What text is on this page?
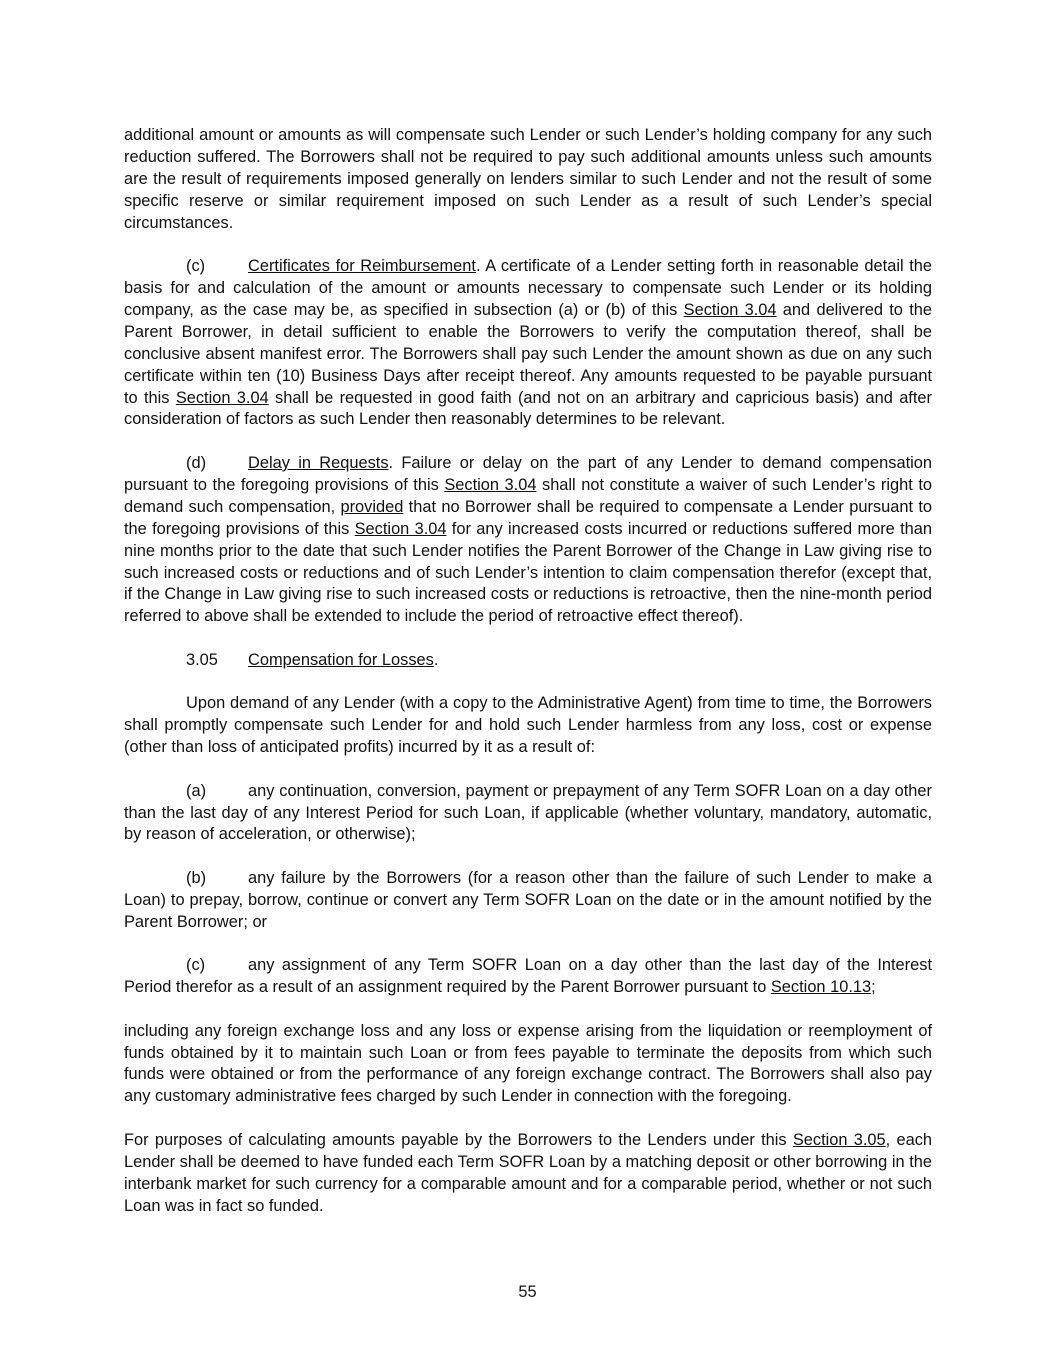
additional amount or amounts as will compensate such Lender or such Lender’s holding company for any such reduction suffered. The Borrowers shall not be required to pay such additional amounts unless such amounts are the result of requirements imposed generally on lenders similar to such Lender and not the result of some specific reserve or similar requirement imposed on such Lender as a result of such Lender’s special circumstances.

(c)	Certificates for Reimbursement. A certificate of a Lender setting forth in reasonable detail the basis for and calculation of the amount or amounts necessary to compensate such Lender or its holding company, as the case may be, as specified in subsection (a) or (b) of this Section 3.04 and delivered to the Parent Borrower, in detail sufficient to enable the Borrowers to verify the computation thereof, shall be conclusive absent manifest error. The Borrowers shall pay such Lender the amount shown as due on any such certificate within ten (10) Business Days after receipt thereof. Any amounts requested to be payable pursuant to this Section 3.04 shall be requested in good faith (and not on an arbitrary and capricious basis) and after consideration of factors as such Lender then reasonably determines to be relevant.

(d)	Delay in Requests. Failure or delay on the part of any Lender to demand compensation pursuant to the foregoing provisions of this Section 3.04 shall not constitute a waiver of such Lender’s right to demand such compensation, provided that no Borrower shall be required to compensate a Lender pursuant to the foregoing provisions of this Section 3.04 for any increased costs incurred or reductions suffered more than nine months prior to the date that such Lender notifies the Parent Borrower of the Change in Law giving rise to such increased costs or reductions and of such Lender’s intention to claim compensation therefor (except that, if the Change in Law giving rise to such increased costs or reductions is retroactive, then the nine-month period referred to above shall be extended to include the period of retroactive effect thereof).

3.05 Compensation for Losses.

Upon demand of any Lender (with a copy to the Administrative Agent) from time to time, the Borrowers shall promptly compensate such Lender for and hold such Lender harmless from any loss, cost or expense (other than loss of anticipated profits) incurred by it as a result of:

(a)	any continuation, conversion, payment or prepayment of any Term SOFR Loan on a day other than the last day of any Interest Period for such Loan, if applicable (whether voluntary, mandatory, automatic, by reason of acceleration, or otherwise);

(b)	any failure by the Borrowers (for a reason other than the failure of such Lender to make a Loan) to prepay, borrow, continue or convert any Term SOFR Loan on the date or in the amount notified by the Parent Borrower; or

(c)	any assignment of any Term SOFR Loan on a day other than the last day of the Interest Period therefor as a result of an assignment required by the Parent Borrower pursuant to Section 10.13;

including any foreign exchange loss and any loss or expense arising from the liquidation or reemployment of funds obtained by it to maintain such Loan or from fees payable to terminate the deposits from which such funds were obtained or from the performance of any foreign exchange contract. The Borrowers shall also pay any customary administrative fees charged by such Lender in connection with the foregoing.

For purposes of calculating amounts payable by the Borrowers to the Lenders under this Section 3.05, each Lender shall be deemed to have funded each Term SOFR Loan by a matching deposit or other borrowing in the interbank market for such currency for a comparable amount and for a comparable period, whether or not such Loan was in fact so funded.

55
